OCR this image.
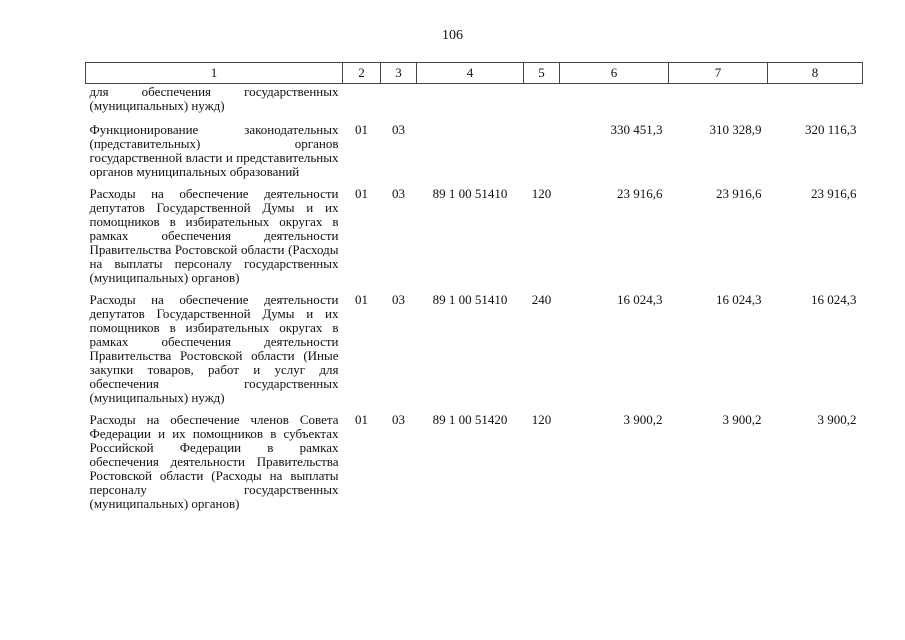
106
1	2	3	4	5	6	7	8
для обеспечения государственных (муниципальных) нужд)							
Функционирование законодательных (представительных) органов государственной власти и представительных органов муниципальных образований	01	03			330 451,3	310 328,9	320 116,3
Расходы на обеспечение деятельности депутатов Государственной Думы и их помощников в избирательных округах в рамках обеспечения деятельности Правительства Ростовской области (Расходы на выплаты персоналу государственных (муниципальных) органов)	01	03	89 1 00 51410	120	23 916,6	23 916,6	23 916,6
Расходы на обеспечение деятельности депутатов Государственной Думы и их помощников в избирательных округах в рамках обеспечения деятельности Правительства Ростовской области (Иные закупки товаров, работ и услуг для обеспечения государственных (муниципальных) нужд)	01	03	89 1 00 51410	240	16 024,3	16 024,3	16 024,3
Расходы на обеспечение членов Совета Федерации и их помощников в субъектах Российской Федерации в рамках обеспечения деятельности Правительства Ростовской области (Расходы на выплаты персоналу государственных (муниципальных) органов)	01	03	89 1 00 51420	120	3 900,2	3 900,2	3 900,2
